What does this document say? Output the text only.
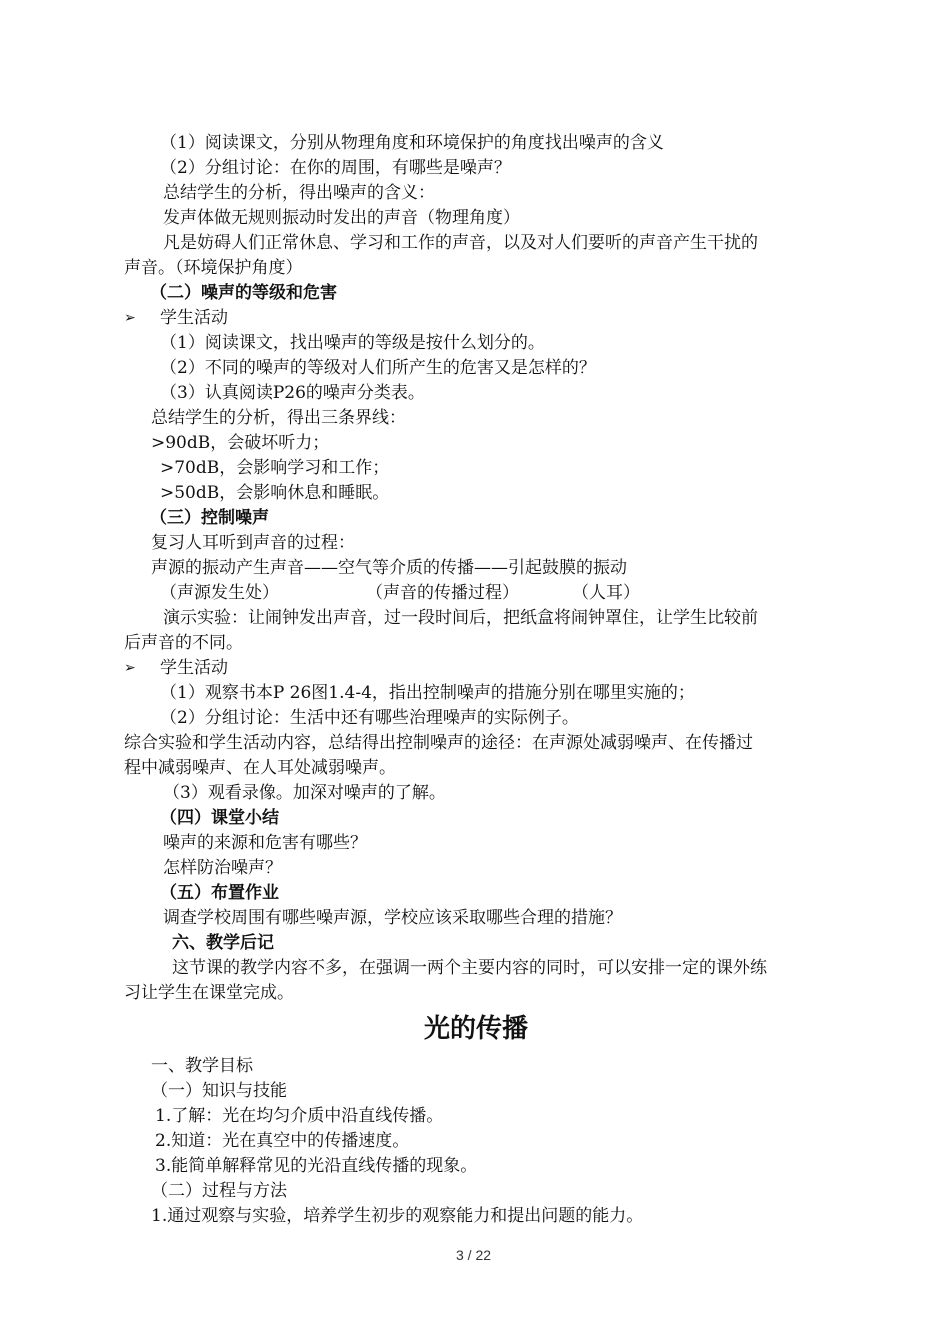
（1）阅读课文，分别从物理角度和环境保护的角度找出噪声的含义
（2）分组讨论：在你的周围，有哪些是噪声？
总结学生的分析，得出噪声的含义：
发声体做无规则振动时发出的声音（物理角度）
凡是妨碍人们正常休息、学习和工作的声音，以及对人们要听的声音产生干扰的
声音。（环境保护角度）
（二）噪声的等级和危害
➢ 学生活动
（1）阅读课文，找出噪声的等级是按什么划分的。
（2）不同的噪声的等级对人们所产生的危害又是怎样的？
（3）认真阅读P26的噪声分类表。
总结学生的分析，得出三条界线：
>90dB，会破坏听力；
>70dB，会影响学习和工作；
>50dB，会影响休息和睡眠。
（三）控制噪声
复习人耳听到声音的过程：
声源的振动产生声音——空气等介质的传播——引起鼓膜的振动
（声源发生处）	（声音的传播过程）	（人耳）
演示实验：让闹钟发出声音，过一段时间后，把纸盒将闹钟罩住，让学生比较前
后声音的不同。
➢ 学生活动
（1）观察书本P 26图1.4-4，指出控制噪声的措施分别在哪里实施的；
（2）分组讨论：生活中还有哪些治理噪声的实际例子。
综合实验和学生活动内容，总结得出控制噪声的途径：在声源处减弱噪声、在传播过
程中减弱噪声、在人耳处减弱噪声。
（3）观看录像。加深对噪声的了解。
（四）课堂小结
噪声的来源和危害有哪些？
怎样防治噪声？
（五）布置作业
调查学校周围有哪些噪声源，学校应该采取哪些合理的措施？
六、教学后记
这节课的教学内容不多，在强调一两个主要内容的同时，可以安排一定的课外练
习让学生在课堂完成。
光的传播
一、教学目标
（一）知识与技能
1.了解：光在均匀介质中沿直线传播。
2.知道：光在真空中的传播速度。
3.能简单解释常见的光沿直线传播的现象。
（二）过程与方法
1.通过观察与实验，培养学生初步的观察能力和提出问题的能力。
3 / 22
